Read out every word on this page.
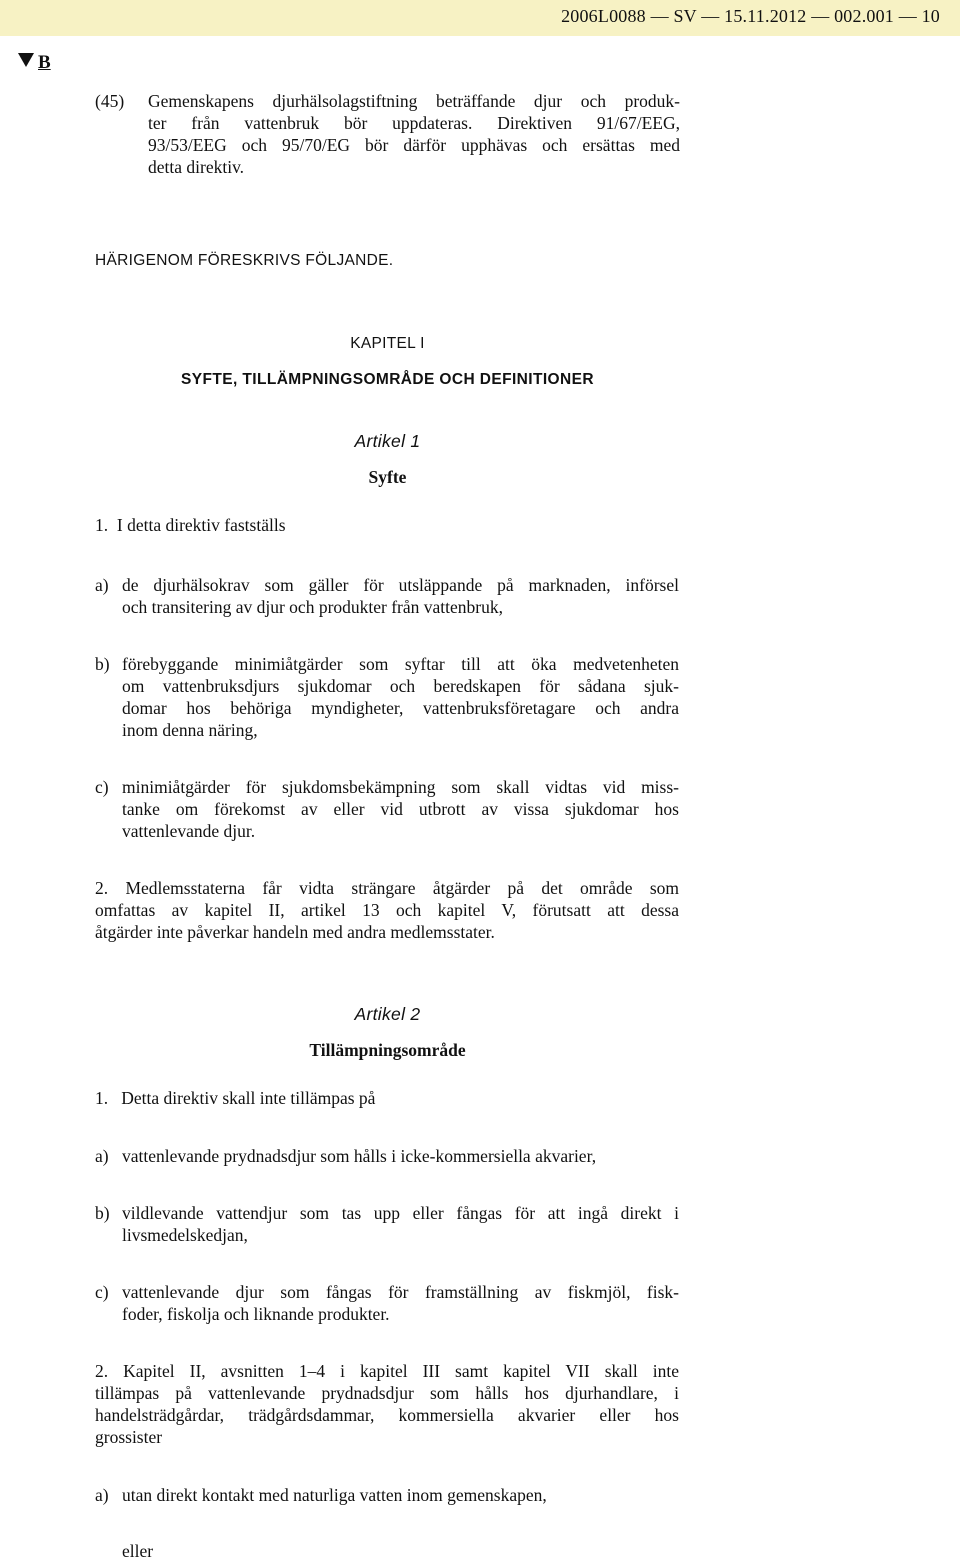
2006L0088 — SV — 15.11.2012 — 002.001 — 10
B
(45) Gemenskapens djurhälsolagstiftning beträffande djur och produk-
ter från vattenbruk bör uppdateras. Direktiven 91/67/EEG,
93/53/EEG och 95/70/EG bör därför upphävas och ersättas med
detta direktiv.
HÄRIGENOM FÖRESKRIVS FÖLJANDE.
KAPITEL I
SYFTE, TILLÄMPNINGSOMRÅDE OCH DEFINITIONER
Artikel 1
Syfte
1.  I detta direktiv fastställs
a) de djurhälsokrav som gäller för utsläppande på marknaden, införsel
och transitering av djur och produkter från vattenbruk,
b) förebyggande minimiåtgärder som syftar till att öka medvetenheten
om vattenbruksdjurs sjukdomar och beredskapen för sådana sjuk-
domar hos behöriga myndigheter, vattenbruksföretagare och andra
inom denna näring,
c) minimiåtgärder för sjukdomsbekämpning som skall vidtas vid miss-
tanke om förekomst av eller vid utbrott av vissa sjukdomar hos
vattenlevande djur.
2. Medlemsstaterna får vidta strängare åtgärder på det område som
omfattas av kapitel II, artikel 13 och kapitel V, förutsatt att dessa
åtgärder inte påverkar handeln med andra medlemsstater.
Artikel 2
Tillämpningsområde
1.   Detta direktiv skall inte tillämpas på
a) vattenlevande prydnadsdjur som hålls i icke-kommersiella akvarier,
b) vildlevande vattendjur som tas upp eller fångas för att ingå direkt i
livsmedelskedjan,
c) vattenlevande djur som fångas för framställning av fiskmjöl, fisk-
foder, fiskolja och liknande produkter.
2. Kapitel II, avsnitten 1–4 i kapitel III samt kapitel VII skall inte
tillämpas på vattenlevande prydnadsdjur som hålls hos djurhandlare, i
handelsträdgårdar, trädgårdsdammar, kommersiella akvarier eller hos
grossister
a) utan direkt kontakt med naturliga vatten inom gemenskapen,
eller
